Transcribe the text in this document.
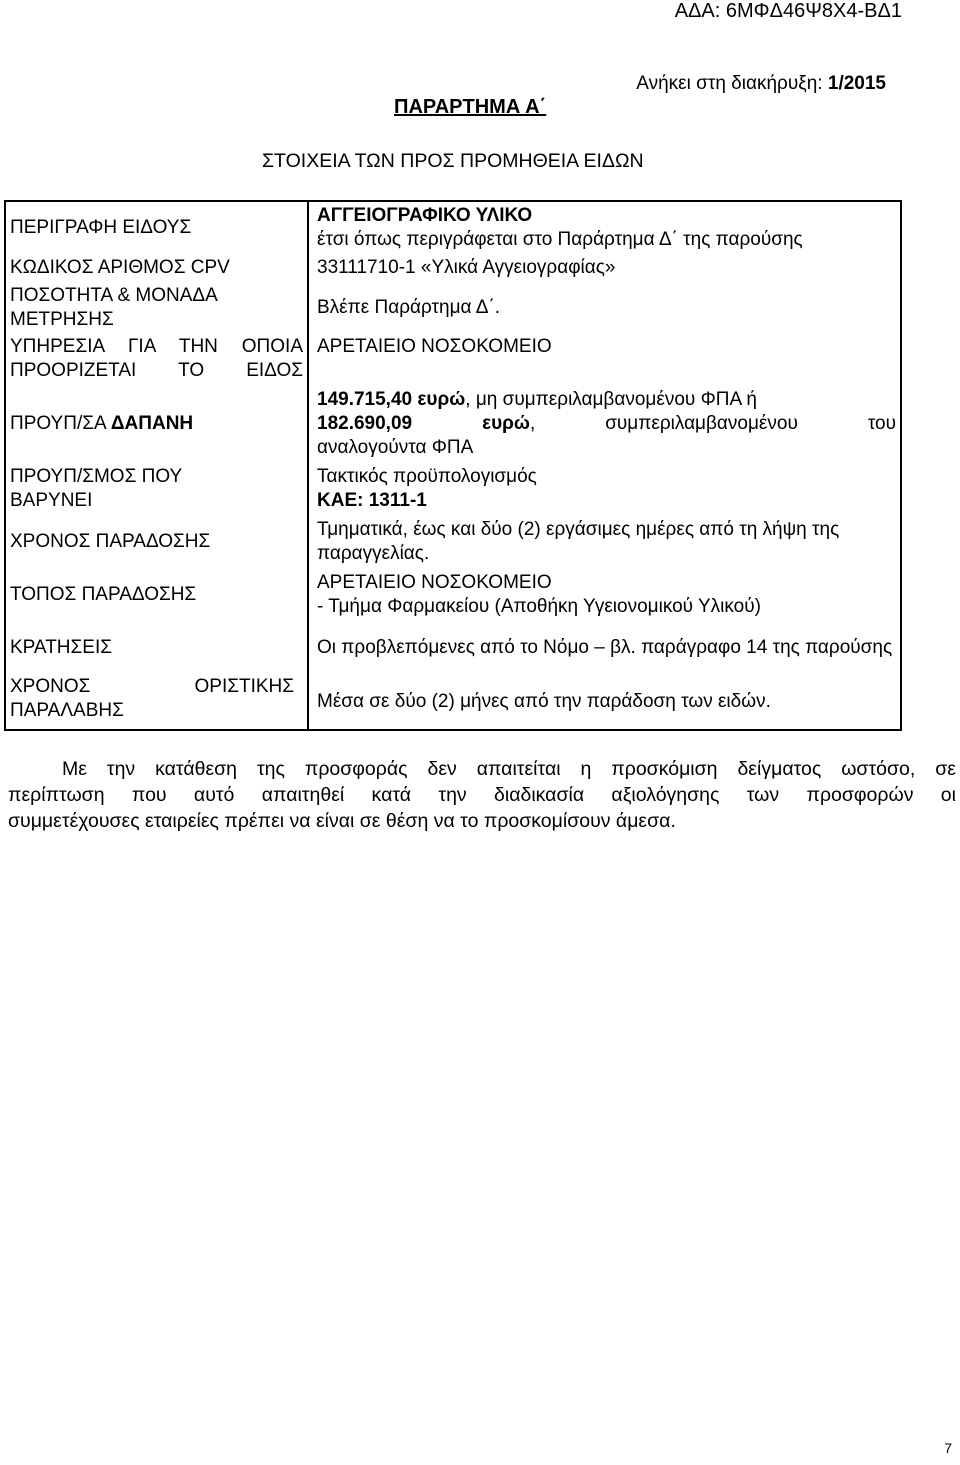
ΑΔΑ: 6ΜΦΔ46Ψ8Χ4-ΒΔ1
Ανήκει στη διακήρυξη: 1/2015
ΠΑΡΑΡΤΗΜΑ Α΄
ΣΤΟΙΧΕΙΑ ΤΩΝ ΠΡΟΣ ΠΡΟΜΗΘΕΙΑ ΕΙΔΩΝ
ΠΕΡΙΓΡΑΦΗ ΕΙΔΟΥΣ	ΑΓΓΕΙΟΓΡΑΦΙΚΟ ΥΛΙΚΟ
έτσι όπως περιγράφεται στο Παράρτημα Δ΄ της παρούσης

ΚΩΔΙΚΟΣ ΑΡΙΘΜΟΣ CPV	33111710-1 «Υλικά Αγγειογραφίας»
ΠΟΣΟΤΗΤΑ & ΜΟΝΑΔΑ ΜΕΤΡΗΣΗΣ	Βλέπε Παράρτημα Δ΄.

ΥΠΗΡΕΣΙΑ ΓΙΑ ΤΗΝ ΟΠΟΙΑ ΠΡΟΟΡΙΖΕΤΑΙ ΤΟ ΕΙΔΟΣ	ΑΡΕΤΑΙΕΙΟ ΝΟΣΟΚΟΜΕΙΟ
ΠΡΟΥΠ/ΣΑ ΔΑΠΑΝΗ	149.715,40 ευρώ, μη συμπεριλαμβανομένου ΦΠΑ ή
182.690,09 ευρώ, συμπεριλαμβανομένου του
αναλογούντα ΦΠΑ

ΠΡΟΥΠ/ΣΜΟΣ ΠΟΥ ΒΑΡΥΝΕΙ	Τακτικός προϋπολογισμός
ΚΑΕ: 1311-1

ΧΡΟΝΟΣ ΠΑΡΑΔΟΣΗΣ	Τμηματικά, έως και δύο (2) εργάσιμες ημέρες από τη λήψη της παραγγελίας.
ΤΟΠΟΣ ΠΑΡΑΔΟΣΗΣ	ΑΡΕΤΑΙΕΙΟ ΝΟΣΟΚΟΜΕΙΟ
- Τμήμα Φαρμακείου (Αποθήκη Υγειονομικού Υλικού)

ΚΡΑΤΗΣΕΙΣ	Οι προβλεπόμενες από το Νόμο – βλ. παράγραφο 14 της παρούσης

ΧΡΟΝΟΣ ΟΡΙΣΤΙΚΗΣ ΠΑΡΑΛΑΒΗΣ	Μέσα σε δύο (2) μήνες από την παράδοση των ειδών.
Με την κατάθεση της προσφοράς δεν απαιτείται η προσκόμιση δείγματος ωστόσο, σε
περίπτωση που αυτό απαιτηθεί κατά την διαδικασία αξιολόγησης των προσφορών οι
συμμετέχουσες εταιρείες πρέπει να είναι σε θέση να το προσκομίσουν άμεσα.
7
